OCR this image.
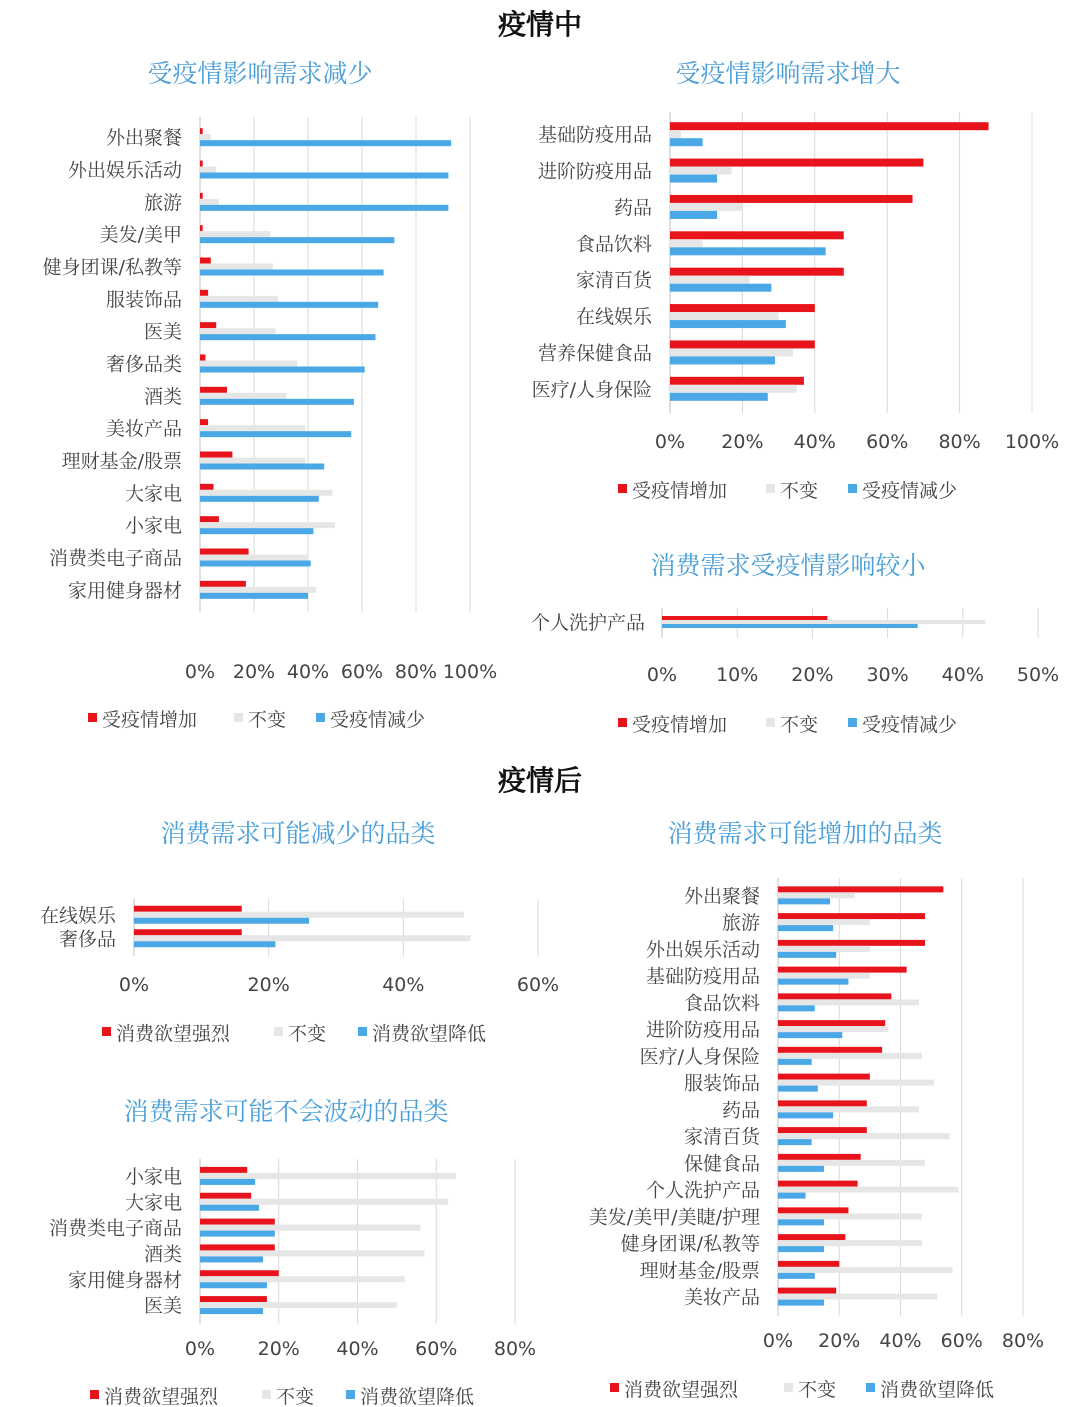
疫情中
疫情后
受疫情影响需求减少
0% 20% 40% 60% 80% 100%
外出聚餐
外出娱乐活动
旅游
美发/美甲
健身团课/私教等
服装饰品
医美
奢侈品类
酒类
美妆产品
理财基金/股票
大家电
小家电
消费类电子商品
家用健身器材
受疫情增加	不变 受疫情减少
受疫情影响需求增大
0% 20% 40% 60% 80% 100%
基础防疫用品
进阶防疫用品
药品
食品饮料
家清百货
在线娱乐
营养保健食品
医疗/人身保险
受疫情增加	不变 受疫情减少
消费需求受疫情影响较小
0% 10% 20% 30% 40% 50%
个人洗护产品
受疫情增加	不变 受疫情减少
消费需求可能减少的品类
0%	20%	40%	60%
在线娱乐
奢侈品
消费欲望强烈	不变 消费欲望降低
消费需求可能不会波动的品类
0% 20% 40% 60% 80%
小家电
大家电
消费类电子商品
酒类
家用健身器材
医美
消费欲望强烈	不变 消费欲望降低
消费需求可能增加的品类
0% 20% 40% 60% 80%
外出聚餐
旅游
外出娱乐活动
基础防疫用品
食品饮料
进阶防疫用品
医疗/人身保险
服装饰品
药品
家清百货
保健食品
个人洗护产品
美发/美甲/美睫/护理
健身团课/私教等
理财基金/股票
美妆产品
消费欲望强烈	不变 消费欲望降低
